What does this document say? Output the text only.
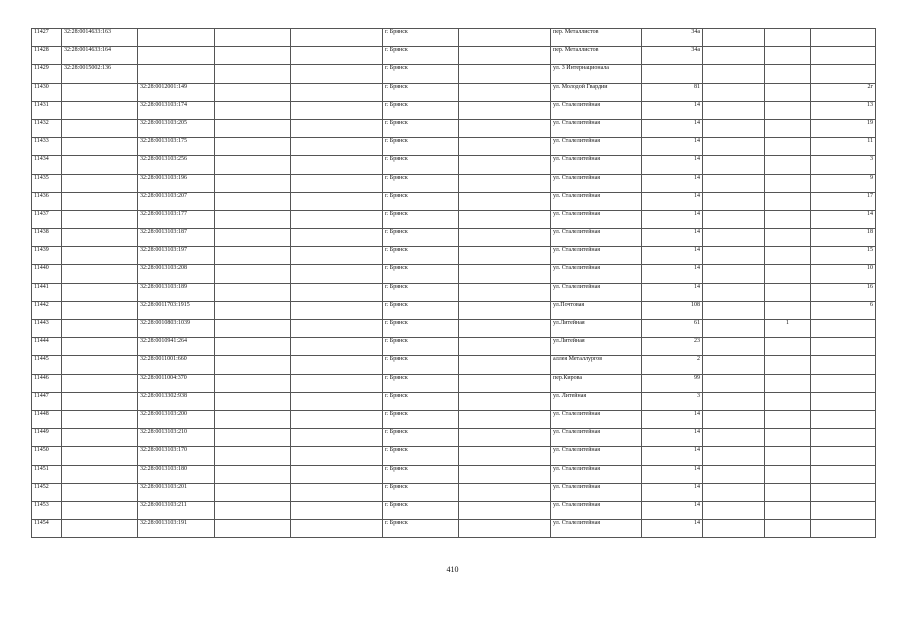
11427	32:28:0014633:163				г. Брянск		пер. Металлистов	34а			
11428	32:28:0014633:164				г. Брянск		пер. Металлистов	34а			
11429	32:28:0015002:136				г. Брянск		ул. 3 Интернационала				
11430		32:28:0012001:149			г. Брянск		ул. Молодой Гвардии	81			2г
11431		32:28:0013103:174			г. Брянск		ул. Сталелитейная	14			13
11432		32:28:0013103:205			г. Брянск		ул. Сталелитейная	14			19
11433		32:28:0013103:175			г. Брянск		ул. Сталелитейная	14			11
11434		32:28:0013103:256			г. Брянск		ул. Сталелитейная	14			3
11435		32:28:0013103:196			г. Брянск		ул. Сталелитейная	14			9
11436		32:28:0013103:207			г. Брянск		ул. Сталелитейная	14			17
11437		32:28:0013103:177			г. Брянск		ул. Сталелитейная	14			14
11438		32:28:0013103:187			г. Брянск		ул. Сталелитейная	14			18
11439		32:28:0013103:197			г. Брянск		ул. Сталелитейная	14			15
11440		32:28:0013103:208			г. Брянск		ул. Сталелитейная	14			10
11441		32:28:0013103:189			г. Брянск		ул. Сталелитейная	14			16
11442		32:28:0011703:1915			г. Брянск		ул.Почтовая	108			6
11443		32:28:0010803:1039			г. Брянск		ул.Литейная	61		1	
11444		32:28:0010941:264			г. Брянск		ул.Литейная	23			
11445		32:28:0011001:660			г. Брянск		аллея Металлургов	2			
11446		32:28:0011004:370			г. Брянск		пер.Кирова	99			
11447		32:28:0013302:938			г. Брянск		ул. Литейная	3			
11448		32:28:0013103:200			г. Брянск		ул. Сталелитейная	14			
11449		32:28:0013103:210			г. Брянск		ул. Сталелитейная	14			
11450		32:28:0013103:170			г. Брянск		ул. Сталелитейная	14			
11451		32:28:0013103:180			г. Брянск		ул. Сталелитейная	14			
11452		32:28:0013103:201			г. Брянск		ул. Сталелитейная	14			
11453		32:28:0013103:211			г. Брянск		ул. Сталелитейная	14			
11454		32:28:0013103:191			г. Брянск		ул. Сталелитейная	14			
410
